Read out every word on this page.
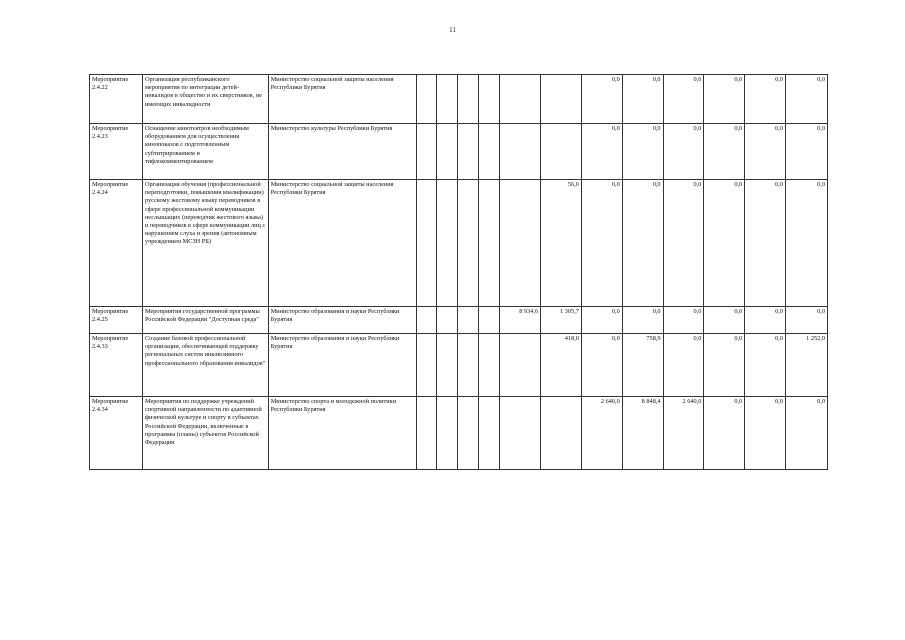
11
Мероприятие 2.4.22	Организация республиканского мероприятия по интеграции детей-инвалидов в общество и их сверстников, не имеющих инвалидности	Министерство социальной защиты населения Республики Бурятия							0,0	0,0	0,0	0,0	0,0	0,0
Мероприятие 2.4.23	Оснащение кинотеатров необходимым оборудованием для осуществления кинопоказов с подготовленным субтитрированием и тифлокомментированием	Министерство культуры Республики Бурятия							0,0	0,0	0,0	0,0	0,0	0,0
Мероприятие 2.4.24	Организация обучения (профессиональной переподготовки, повышения квалификации) русскому жестовому языку переводчиков в сфере профессиональной коммуникации неслышащих (переводчик жестового языка) и переводчиков в сфере коммуникации лиц с нарушением слуха и зрения (автономным учреждением МСЗН РБ)	Министерство социальной защиты населения Республики Бурятия						56,0	0,0	0,0	0,0	0,0	0,0	0,0
Мероприятие 2.4.25	Мероприятия государственной программы Российской Федерации "Доступная среда"	Министерство образования и науки Республики Бурятия					8 934,6	1 305,7	0,0	0,0	0,0	0,0	0,0	0,0
Мероприятие 2.4.33	Создание базовой профессиональной организации, обеспечивающей поддержку региональных систем инклюзивного профессионального образования инвалидов"	Министерство образования и науки Республики Бурятия						418,0	0,0	758,9	0,0	0,0	0,0	1 252,0
Мероприятие 2.4.34	Мероприятия по поддержке учреждений спортивной направленности по адаптивной физической культуре и спорту в субъектах Российской Федерации, включенные в программы (планы) субъектов Российской Федерации	Министерство спорта и молодежной политики Республики Бурятия							2 640,0	8 848,4	2 640,0	0,0	0,0	0,0
